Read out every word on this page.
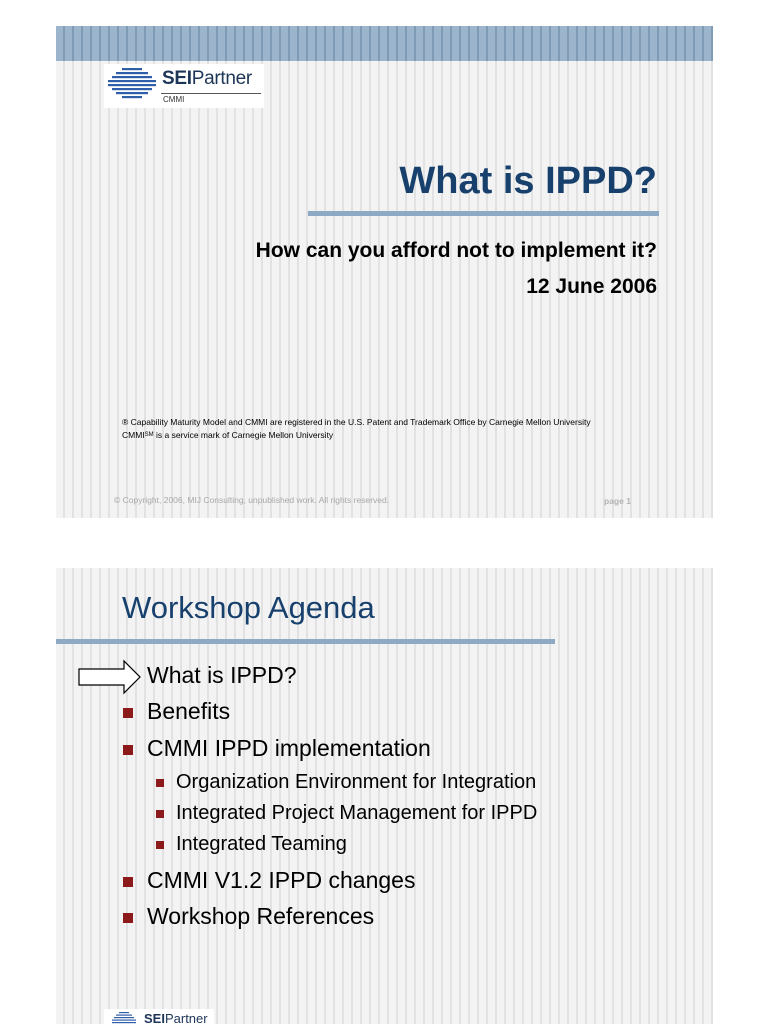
SEIPartner
CMMI
What is IPPD?
How can you afford not to implement it?
12 June 2006
® Capability Maturity Model and CMMI are registered in the U.S. Patent and Trademark Office by Carnegie Mellon University
CMMI℠ is a service mark of Carnegie Mellon University
© Copyright, 2006, MIJ Consulting, unpublished work. All rights reserved.	page 1
Workshop Agenda
What is IPPD?
Benefits
CMMI IPPD implementation
Organization Environment for Integration
Integrated Project Management for IPPD
Integrated Teaming
CMMI V1.2 IPPD changes
Workshop References
SEIPartner
